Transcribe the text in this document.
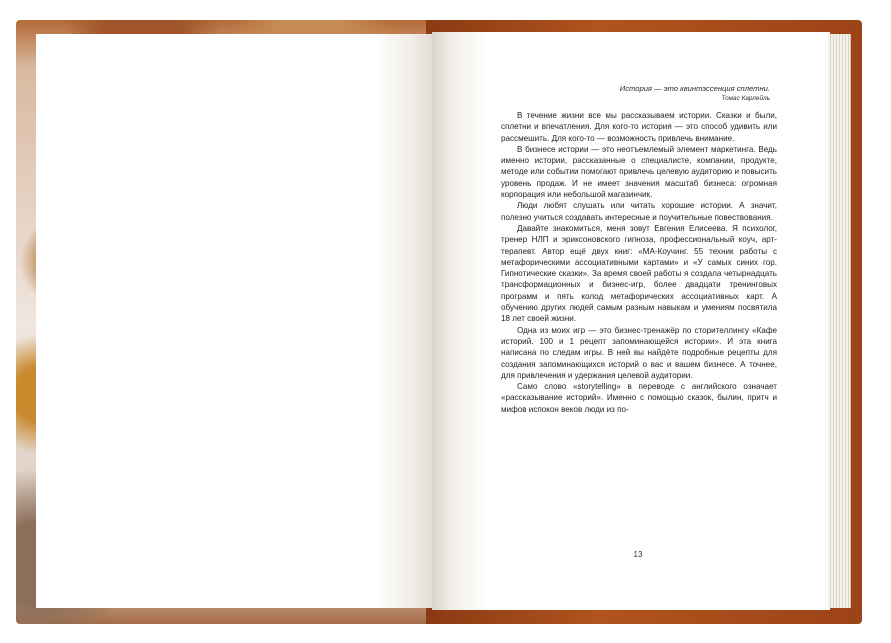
История — это квинтэссенция сплетни.
Томас Карлейль

В течение жизни все мы рассказываем истории. Сказки и были, сплетни и впечатления. Для кого-то история — это способ удивить или рассмешить. Для кого-то — возможность привлечь внимание.

В бизнесе истории — это неотъемлемый элемент маркетинга. Ведь именно истории, рассказанные о специалисте, компании, продукте, методе или событии помогают привлечь целевую аудиторию и повысить уровень продаж. И не имеет значения масштаб бизнеса: огромная корпорация или небольшой магазинчик.

Люди любят слушать или читать хорошие истории. А значит, полезно учиться создавать интересные и поучительные повествования.

Давайте знакомиться, меня зовут Евгения Елисеева. Я психолог, тренер НЛП и эриксоновского гипноза, профессиональный коуч, арт-терапевт. Автор ещё двух книг: «МА-Коучинг. 55 техник работы с метафорическими ассоциативными картами» и «У самых синих гор. Гипнотические сказки». За время своей работы я создала четырнадцать трансформационных и бизнес-игр, более двадцати тренинговых программ и пять колод метафорических ассоциативных карт. А обучению других людей самым разным навыкам и умениям посвятила 18 лет своей жизни.

Одна из моих игр — это бизнес-тренажёр по сторителлингу «Кафе историй. 100 и 1 рецепт запоминающейся истории». И эта книга написана по следам игры. В ней вы найдёте подробные рецепты для создания запоминающихся историй о вас и вашем бизнесе. А точнее, для привлечения и удержания целевой аудитории.

Само слово «storytelling» в переводе с английского означает «рассказывание историй». Именно с помощью сказок, былин, притч и мифов испокон веков люди из по-

13
